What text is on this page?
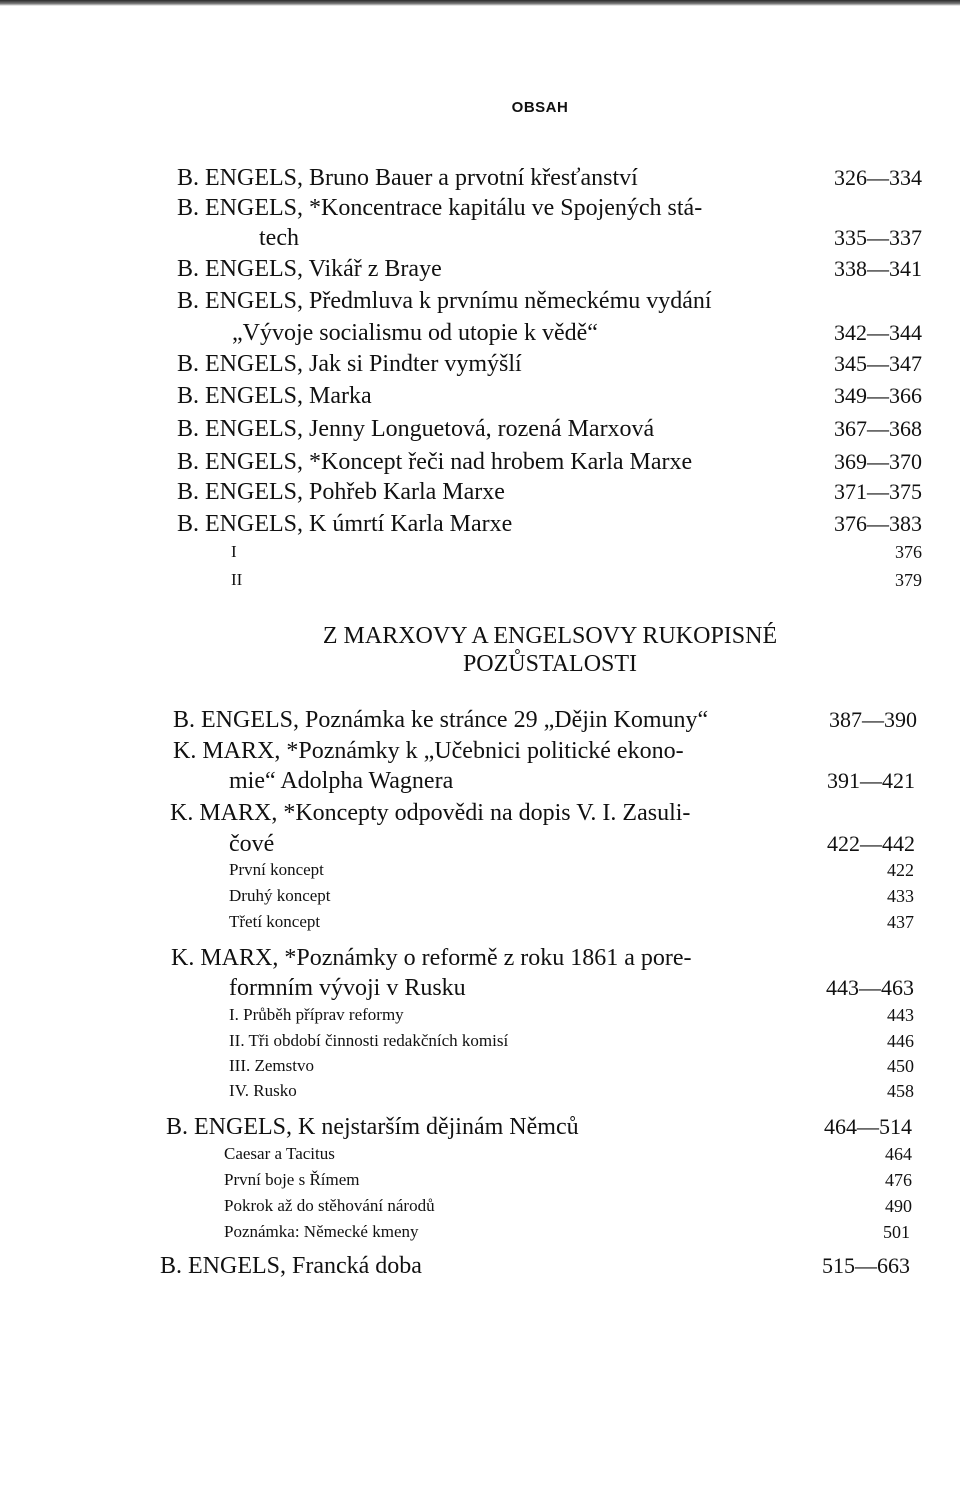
OBSAH
B. ENGELS, Bruno Bauer a prvotní křesťanství	326—334
B. ENGELS, *Koncentrace kapitálu ve Spojených stá-
tech	335—337
B. ENGELS, Vikář z Braye	338—341
B. ENGELS, Předmluva k prvnímu německému vydání
„Vývoje socialismu od utopie k vědě“	342—344
B. ENGELS, Jak si Pindter vymýšlí	345—347
B. ENGELS, Marka	349—366
B. ENGELS, Jenny Longuetová, rozená Marxová	367—368
B. ENGELS, *Koncept řeči nad hrobem Karla Marxe	369—370
B. ENGELS, Pohřeb Karla Marxe	371—375
B. ENGELS, K úmrtí Karla Marxe	376—383
I	376
II	379
Z MARXOVY A ENGELSOVY RUKOPISNÉ
POZŮSTALOSTI
B. ENGELS, Poznámka ke stránce 29 „Dějin Komuny“	387—390
K. MARX, *Poznámky k „Učebnici politické ekono-
mie“ Adolpha Wagnera	391—421
K. MARX, *Koncepty odpovědi na dopis V. I. Zasuli-
čové	422—442
První koncept	422
Druhý koncept	433
Třetí koncept	437
K. MARX, *Poznámky o reformě z roku 1861 a pore-
formním vývoji v Rusku	443—463
I. Průběh příprav reformy	443
II. Tři období činnosti redakčních komisí	446
III. Zemstvo	450
IV. Rusko	458
B. ENGELS, K nejstarším dějinám Němců	464—514
Caesar a Tacitus	464
První boje s Římem	476
Pokrok až do stěhování národů	490
Poznámka: Německé kmeny	501
B. ENGELS, Francká doba	515—663
